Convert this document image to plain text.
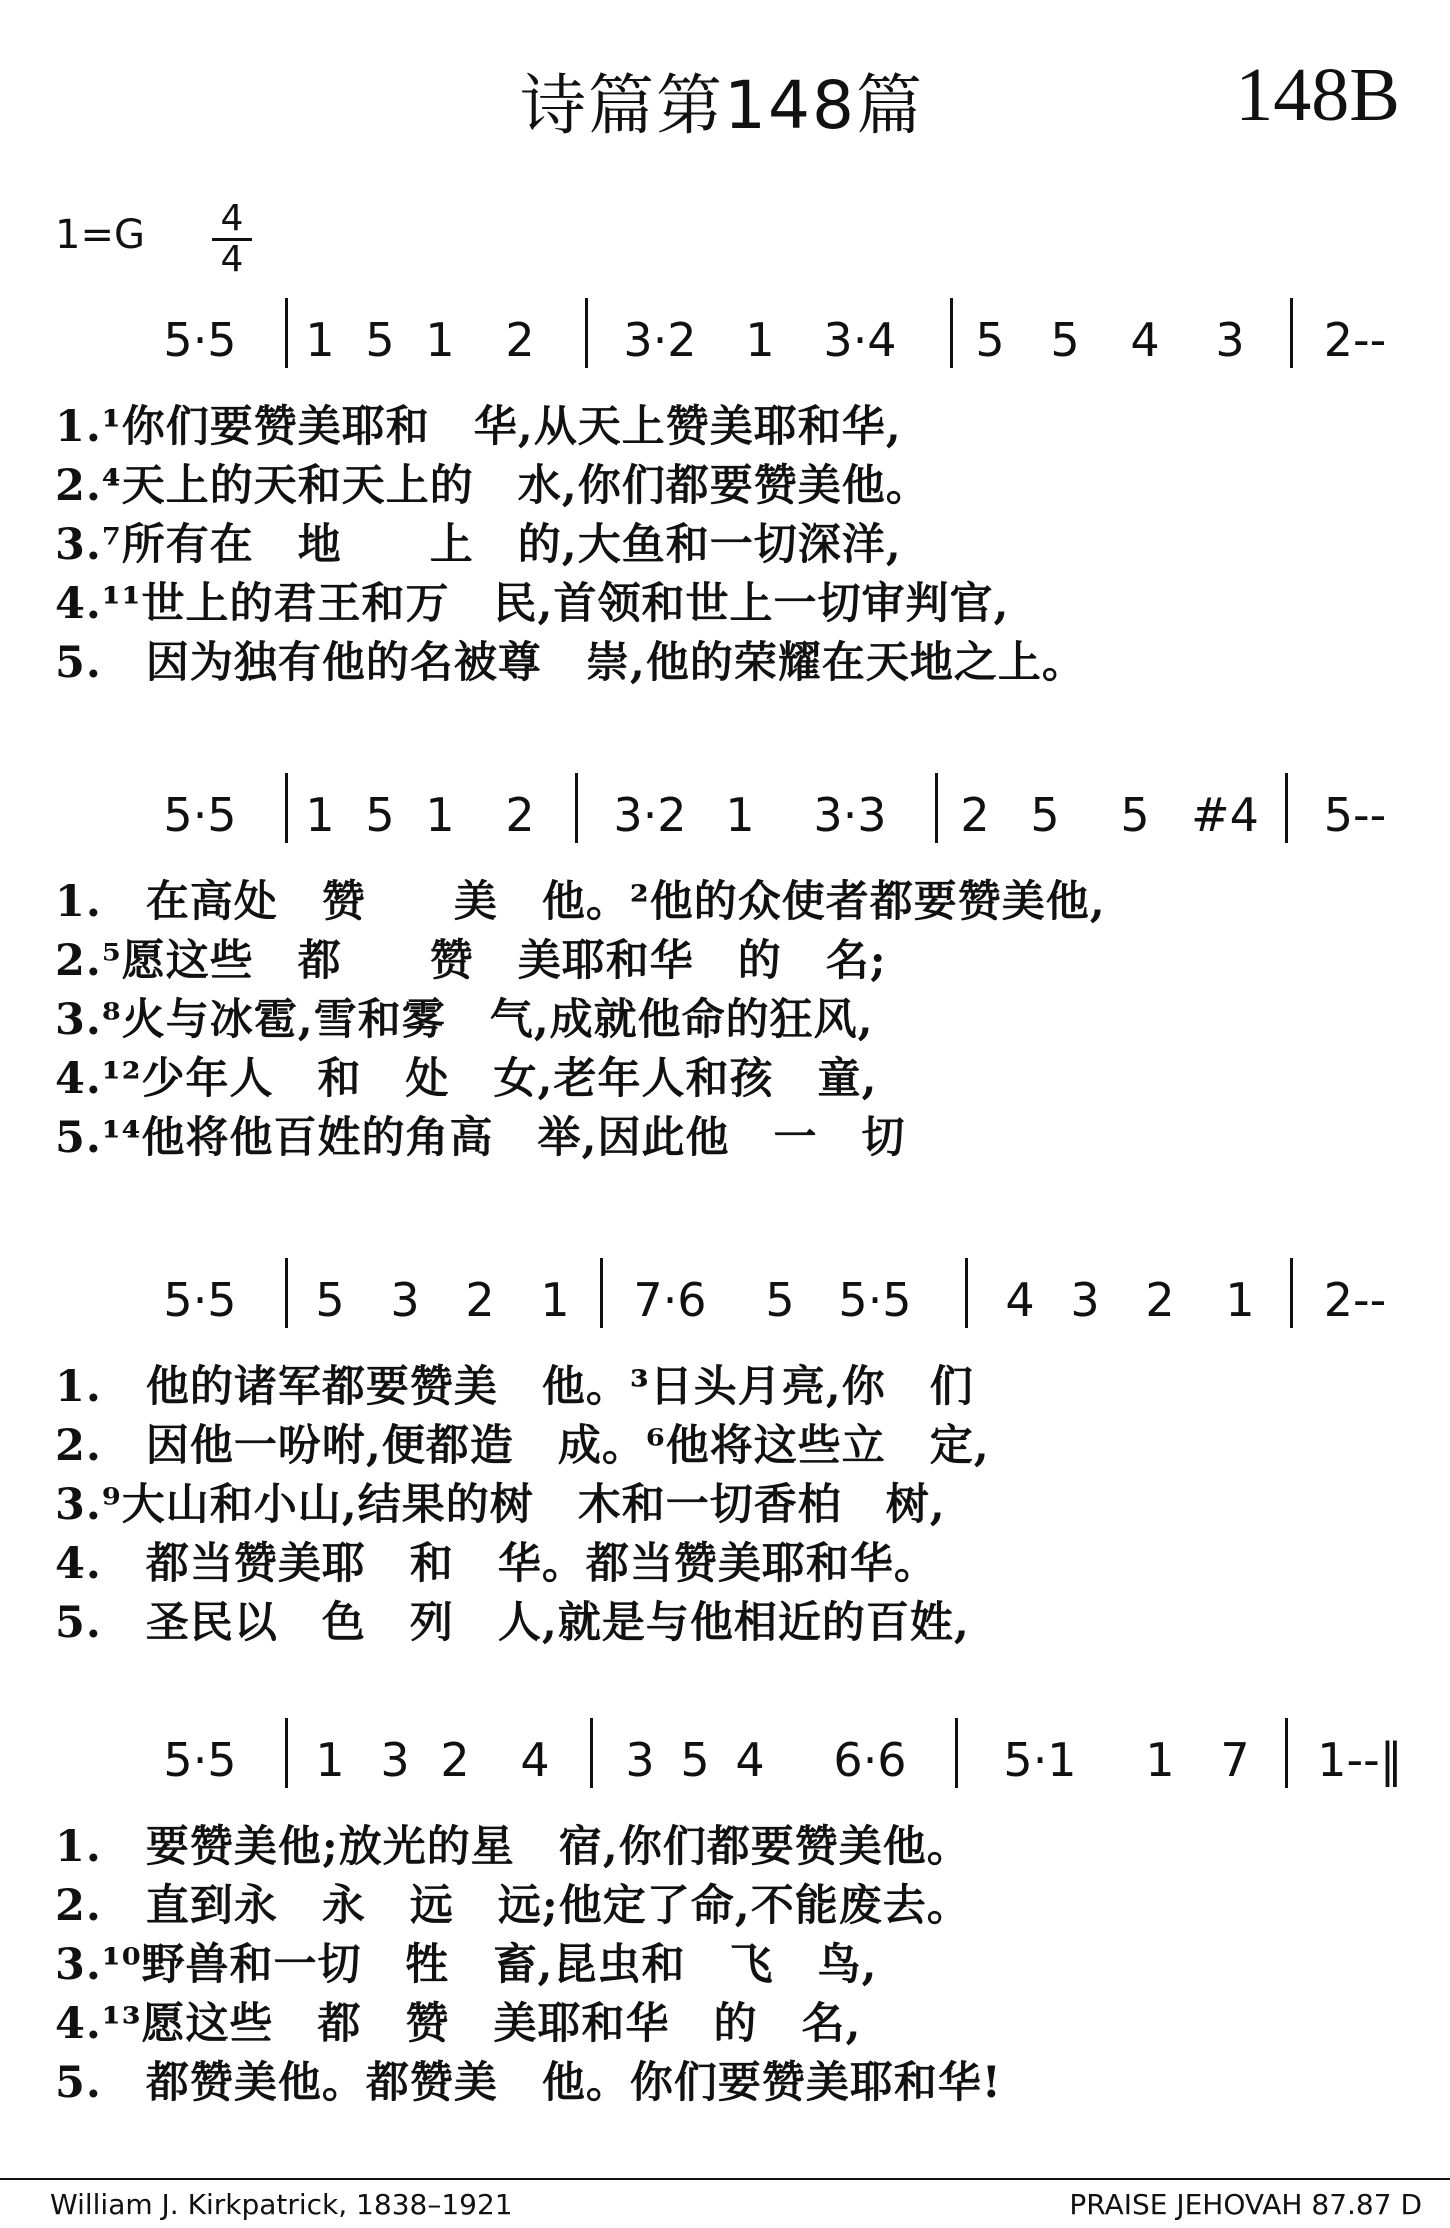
诗篇第148篇	148B
1=G 4
4
5·5 1 5 1 2 3·2 1 3·4 5 5 4 3 2--
1.¹你们要赞美耶和　华,从天上赞美耶和华,
2.⁴天上的天和天上的　水,你们都要赞美他。
3.⁷所有在　地　　上　的,大鱼和一切深洋,
4.¹¹世上的君王和万　民,首领和世上一切审判官,
5.　因为独有他的名被尊　崇,他的荣耀在天地之上。
5·5 1 5 1 2 3·2 1 3·3 2 5 5 #4 5--
1.　在高处　赞　　美　他。²他的众使者都要赞美他,
2.⁵愿这些　都　　赞　美耶和华　的　名;
3.⁸火与冰雹,雪和雾　气,成就他命的狂风,
4.¹²少年人　和　处　女,老年人和孩　童,
5.¹⁴他将他百姓的角高　举,因此他　一　切
5·5 5 3 2 1 7·6 5 5·5 4 3 2 1 2--
1.　他的诸军都要赞美　他。³日头月亮,你　们
2.　因他一吩咐,便都造　成。⁶他将这些立　定,
3.⁹大山和小山,结果的树　木和一切香柏　树,
4.　都当赞美耶　和　华。都当赞美耶和华。
5.　圣民以　色　列　人,就是与他相近的百姓,
5·5 1 3 2 4 3 5 4 6·6 5·1 1 7 1--‖
1.　要赞美他;放光的星　宿,你们都要赞美他。
2.　直到永　永　远　远;他定了命,不能废去。
3.¹⁰野兽和一切　牲　畜,昆虫和　飞　鸟,
4.¹³愿这些　都　赞　美耶和华　的　名,
5.　都赞美他。都赞美　他。你们要赞美耶和华!
William J. Kirkpatrick, 1838–1921	PRAISE JEHOVAH 87.87 D
